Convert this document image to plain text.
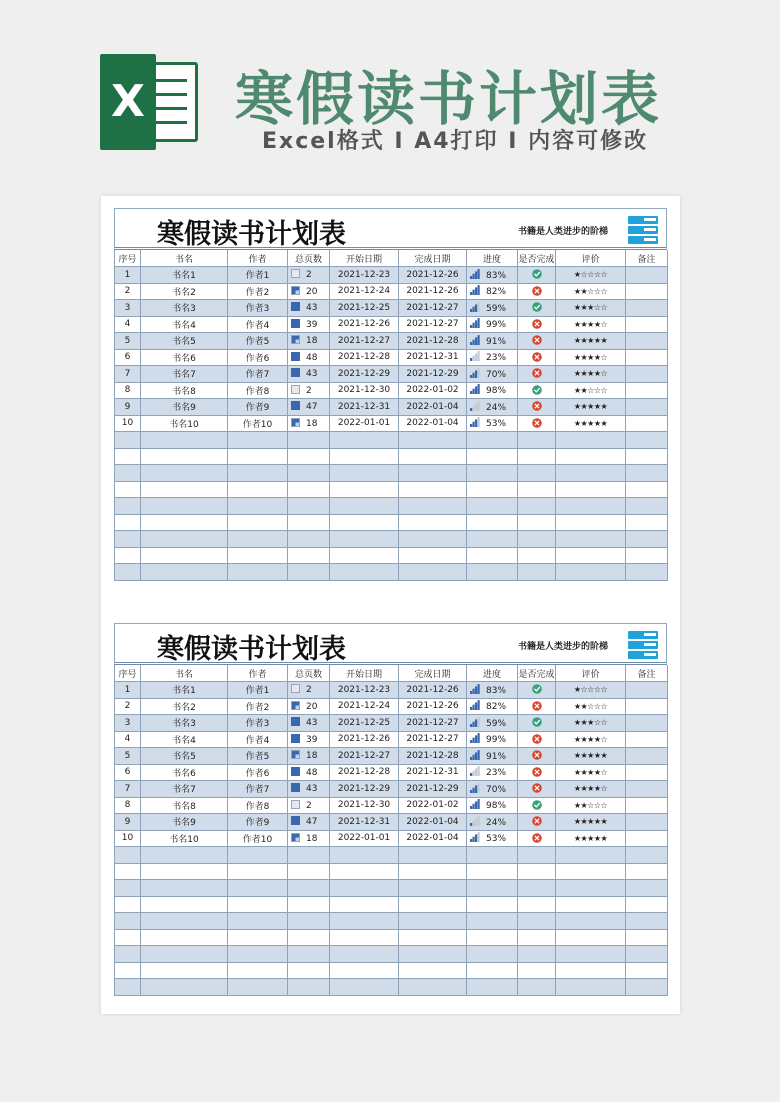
X 寒假读书计划表
Excel格式 I A4打印 I 内容可修改
寒假读书计划表	书籍是人类进步的阶梯
序号	书名	作者	总页数	开始日期	完成日期	进度	是否完成	评价	备注
1	书名1	作者1	2	2021-12-23	2021-12-26	83%		★☆☆☆☆	
2	书名2	作者2	20	2021-12-24	2021-12-26	82%		★★☆☆☆	
3	书名3	作者3	43	2021-12-25	2021-12-27	59%		★★★☆☆	
4	书名4	作者4	39	2021-12-26	2021-12-27	99%		★★★★☆	
5	书名5	作者5	18	2021-12-27	2021-12-28	91%		★★★★★	
6	书名6	作者6	48	2021-12-28	2021-12-31	23%		★★★★☆	
7	书名7	作者7	43	2021-12-29	2021-12-29	70%		★★★★☆	
8	书名8	作者8	2	2021-12-30	2022-01-02	98%		★★☆☆☆	
9	书名9	作者9	47	2021-12-31	2022-01-04	24%		★★★★★	
10	书名10	作者10	18	2022-01-01	2022-01-04	53%		★★★★★	

寒假读书计划表	书籍是人类进步的阶梯
序号	书名	作者	总页数	开始日期	完成日期	进度	是否完成	评价	备注
1	书名1	作者1	2	2021-12-23	2021-12-26	83%		★☆☆☆☆	
2	书名2	作者2	20	2021-12-24	2021-12-26	82%		★★☆☆☆	
3	书名3	作者3	43	2021-12-25	2021-12-27	59%		★★★☆☆	
4	书名4	作者4	39	2021-12-26	2021-12-27	99%		★★★★☆	
5	书名5	作者5	18	2021-12-27	2021-12-28	91%		★★★★★	
6	书名6	作者6	48	2021-12-28	2021-12-31	23%		★★★★☆	
7	书名7	作者7	43	2021-12-29	2021-12-29	70%		★★★★☆	
8	书名8	作者8	2	2021-12-30	2022-01-02	98%		★★☆☆☆	
9	书名9	作者9	47	2021-12-31	2022-01-04	24%		★★★★★	
10	书名10	作者10	18	2022-01-01	2022-01-04	53%		★★★★★	
